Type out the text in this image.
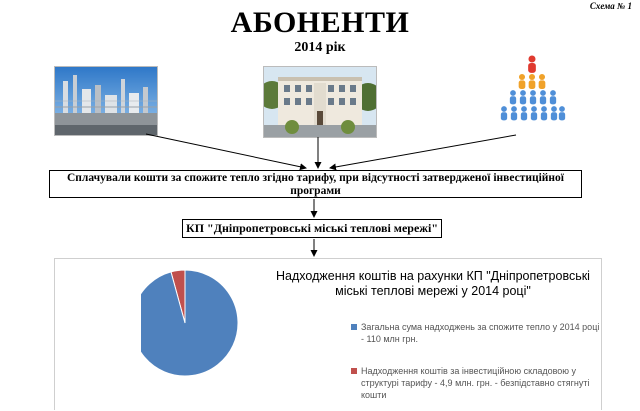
Схема № 1
АБОНЕНТИ
2014 рік
Сплачували кошти за спожите тепло згідно тарифу, при відсутності затвердженої інвестиційної програми
КП "Дніпропетровські міські теплові мережі"
Надходження коштів на рахунки КП "Дніпропетровські міські теплові мережі у 2014 році"
Загальна сума надходжень за спожите тепло у 2014 році - 110 млн грн.
Надходження коштів за інвестиційною складовою у структурі тарифу - 4,9 млн. грн. - безпідставно стягнуті кошти
